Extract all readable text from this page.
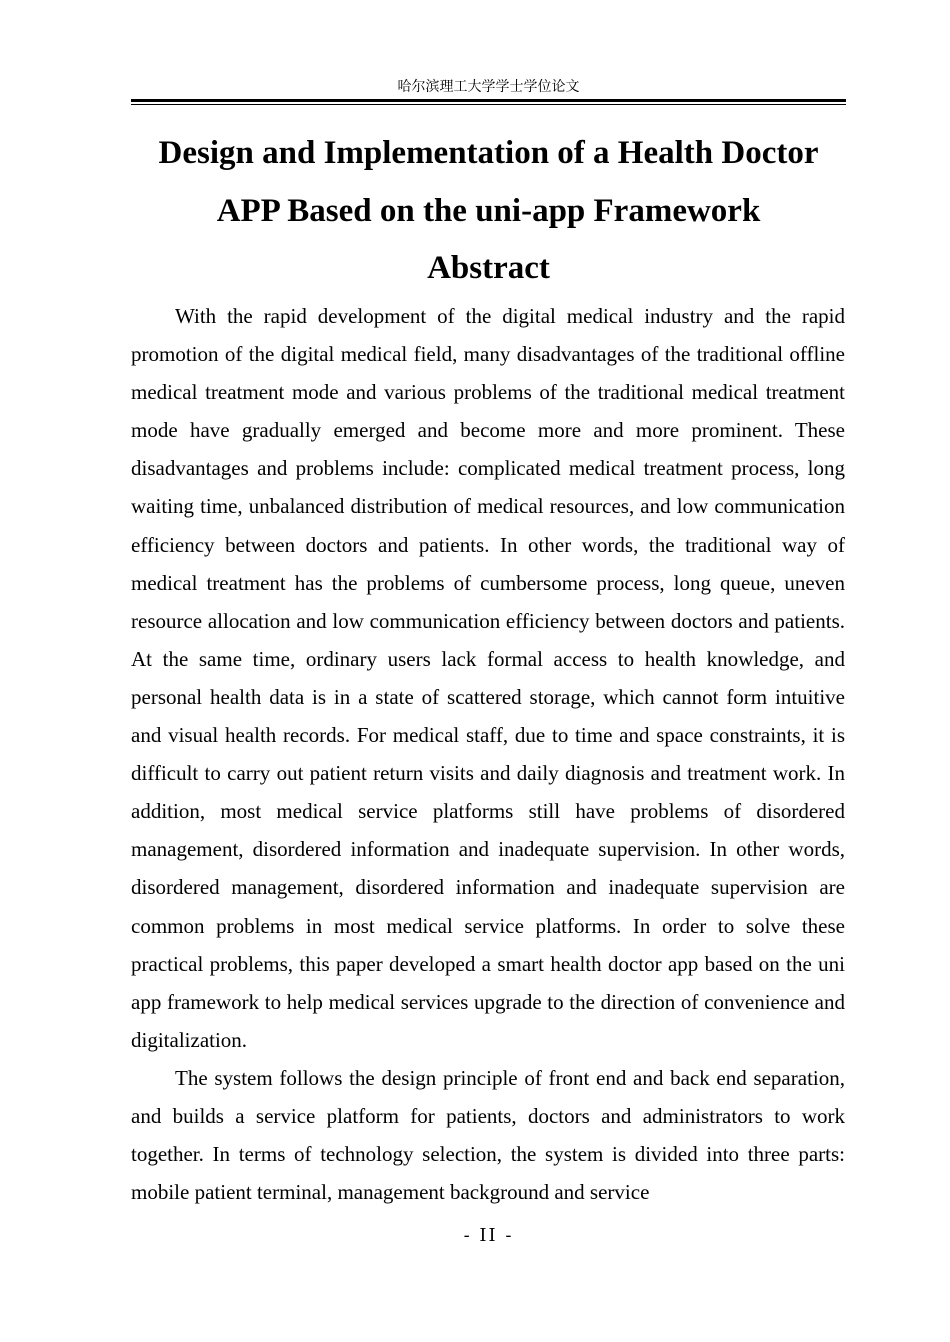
哈尔滨理工大学学士学位论文
Design and Implementation of a Health Doctor
APP Based on the uni-app Framework
Abstract

With the rapid development of the digital medical industry and the rapid promotion of the digital medical field, many disadvantages of the traditional offline medical treatment mode and various problems of the traditional medical treatment mode have gradually emerged and become more and more prominent. These disadvantages and problems include: complicated medical treatment process, long waiting time, unbalanced distribution of medical resources, and low communication efficiency between doctors and patients. In other words, the traditional way of medical treatment has the problems of cumbersome process, long queue, uneven resource allocation and low communication efficiency between doctors and patients. At the same time, ordinary users lack formal access to health knowledge, and personal health data is in a state of scattered storage, which cannot form intuitive and visual health records. For medical staff, due to time and space constraints, it is difficult to carry out patient return visits and daily diagnosis and treatment work. In addition, most medical service platforms still have problems of disordered management, disordered information and inadequate supervision. In other words, disordered management, disordered information and inadequate supervision are common problems in most medical service platforms. In order to solve these practical problems, this paper developed a smart health doctor app based on the uni app framework to help medical services upgrade to the direction of convenience and digitalization.

The system follows the design principle of front end and back end separation, and builds a service platform for patients, doctors and administrators to work together. In terms of technology selection, the system is divided into three parts: mobile patient terminal, management background and service

- II -
